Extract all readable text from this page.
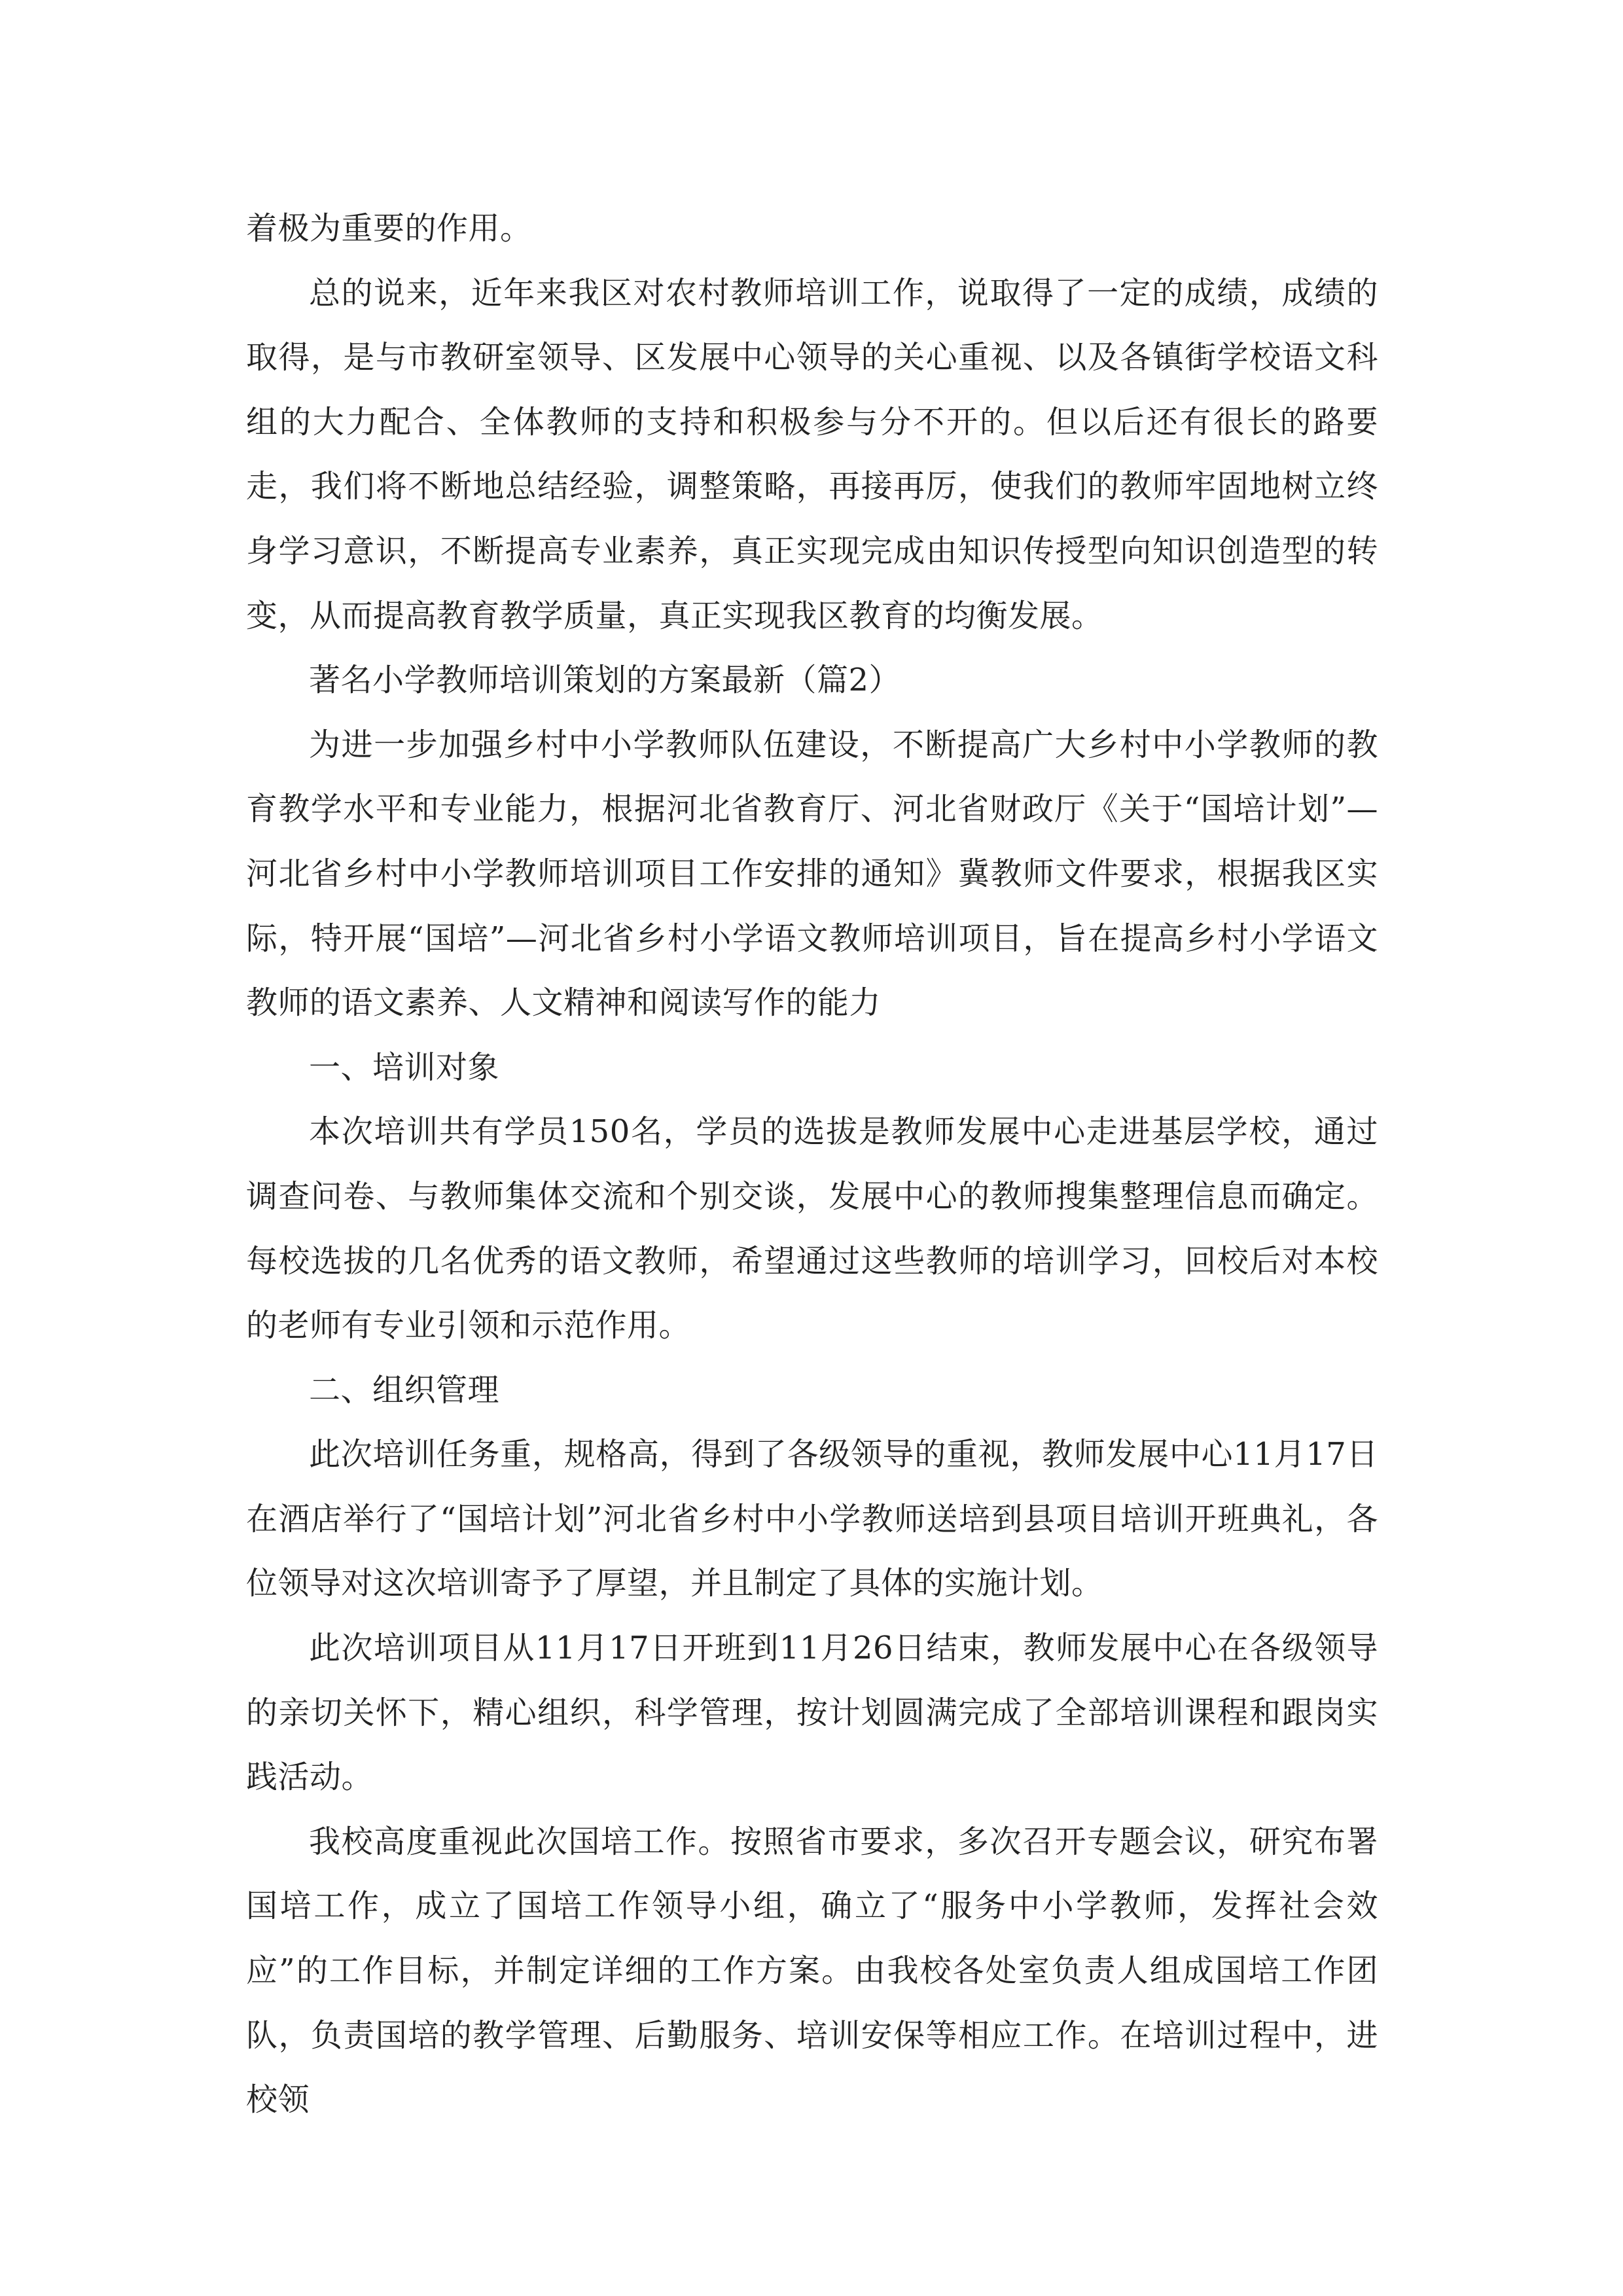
着极为重要的作用。

总的说来，近年来我区对农村教师培训工作，说取得了一定的成绩，成绩的取得，是与市教研室领导、区发展中心领导的关心重视、以及各镇街学校语文科组的大力配合、全体教师的支持和积极参与分不开的。但以后还有很长的路要走，我们将不断地总结经验，调整策略，再接再厉，使我们的教师牢固地树立终身学习意识，不断提高专业素养，真正实现完成由知识传授型向知识创造型的转变，从而提高教育教学质量，真正实现我区教育的均衡发展。

著名小学教师培训策划的方案最新（篇2）

为进一步加强乡村中小学教师队伍建设，不断提高广大乡村中小学教师的教育教学水平和专业能力，根据河北省教育厅、河北省财政厅《关于“国培计划”—河北省乡村中小学教师培训项目工作安排的通知》冀教师文件要求，根据我区实际，特开展“国培”—河北省乡村小学语文教师培训项目，旨在提高乡村小学语文教师的语文素养、人文精神和阅读写作的能力

一、培训对象

本次培训共有学员150名，学员的选拔是教师发展中心走进基层学校，通过调查问卷、与教师集体交流和个别交谈，发展中心的教师搜集整理信息而确定。每校选拔的几名优秀的语文教师，希望通过这些教师的培训学习，回校后对本校的老师有专业引领和示范作用。

二、组织管理

此次培训任务重，规格高，得到了各级领导的重视，教师发展中心11月17日在酒店举行了“国培计划”河北省乡村中小学教师送培到县项目培训开班典礼，各位领导对这次培训寄予了厚望，并且制定了具体的实施计划。

此次培训项目从11月17日开班到11月26日结束，教师发展中心在各级领导的亲切关怀下，精心组织，科学管理，按计划圆满完成了全部培训课程和跟岗实践活动。

我校高度重视此次国培工作。按照省市要求，多次召开专题会议，研究布署国培工作，成立了国培工作领导小组，确立了“服务中小学教师，发挥社会效应”的工作目标，并制定详细的工作方案。由我校各处室负责人组成国培工作团队，负责国培的教学管理、后勤服务、培训安保等相应工作。在培训过程中，进校领
